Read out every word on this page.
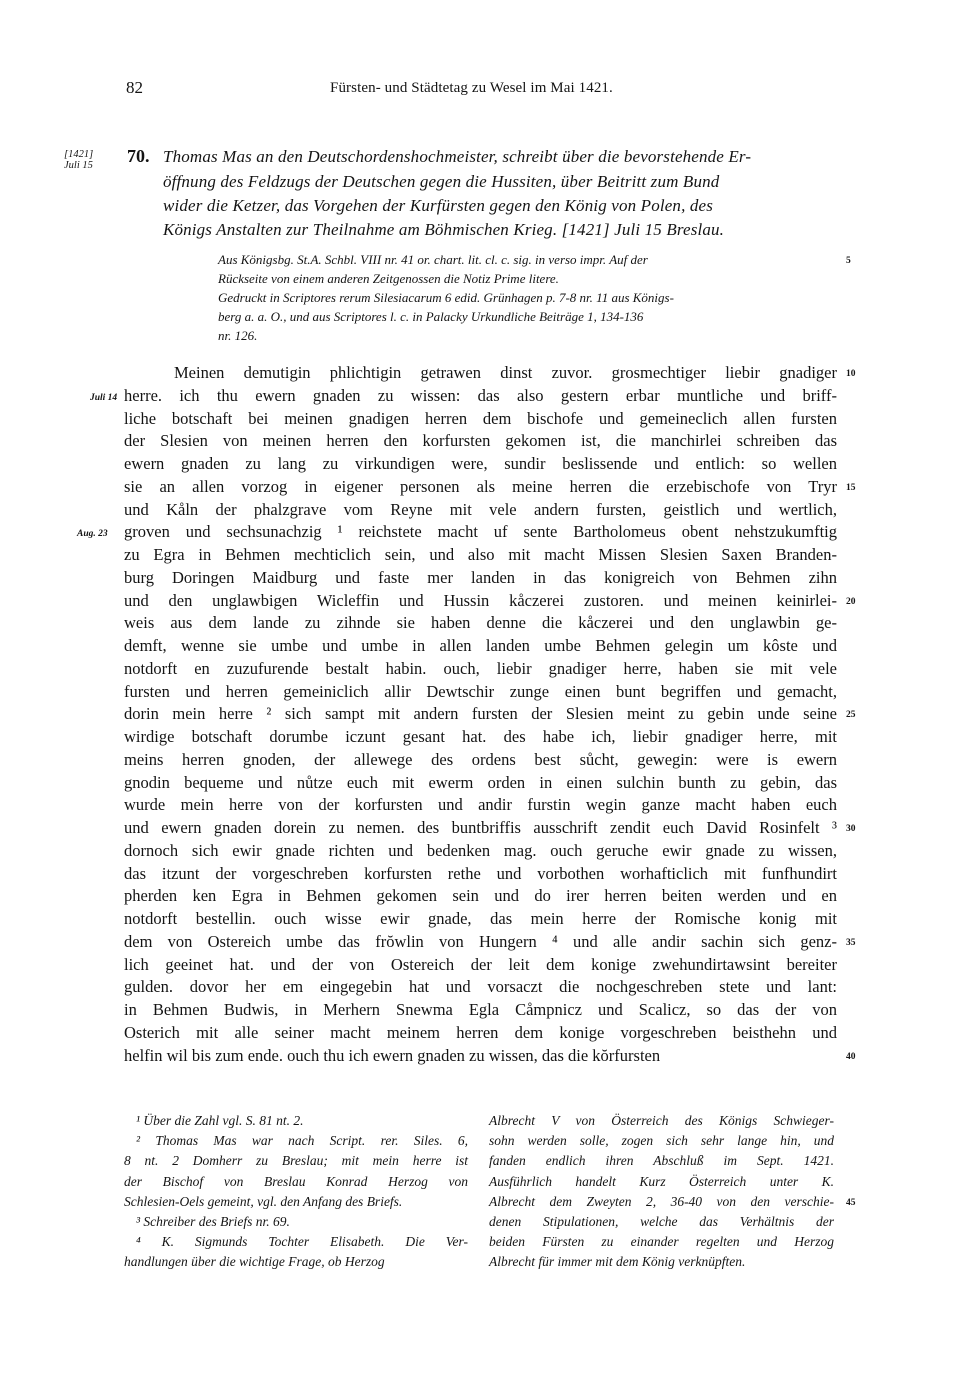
82	Fürsten- und Städtetag zu Wesel im Mai 1421.
[1421]
Juli 15 70. Thomas Mas an den Deutschordenshochmeister, schreibt über die bevorstehende Er-
öffnung des Feldzugs der Deutschen gegen die Hussiten, über Beitritt zum Bund
wider die Ketzer, das Vorgehen der Kurfürsten gegen den König von Polen, des
Königs Anstalten zur Theilnahme am Böhmischen Krieg. [1421] Juli 15 Breslau.
Aus Königsbg. St.A. Schbl. VIII nr. 41 or. chart. lit. cl. c. sig. in verso impr. Auf der
Rückseite von einem anderen Zeitgenossen die Notiz Prime litere.
Gedruckt in Scriptores rerum Silesiacarum 6 edid. Grünhagen p. 7-8 nr. 11 aus Königs-
berg a. a. O., und aus Scriptores l. c. in Palacky Urkundliche Beiträge 1, 134-136
nr. 126.
Meinen demutigin phlichtigin getrawen dinst zuvor. grosmechtiger liebir gnadiger
herre. ich thu ewern gnaden zu wissen: das also gestern erbar muntliche und briff-
liche botschaft bei meinen gnadigen herren dem bischofe und gemeineclich allen fursten
der Slesien von meinen herren den korfursten gekomen ist, die manchirlei schreiben das
ewern gnaden zu lang zu virkundigen were, sundir beslissende und entlich: so wellen
sie an allen vorzog in eigener personen als meine herren die erzebischofe von Tryr
und Kåln der phalzgrave vom Reyne mit vele andern fursten, geistlich und wertlich,
groven und sechsunachzig ¹ reichstete macht uf sente Bartholomeus obent nehstzukumftig
zu Egra in Behmen mechticlich sein, und also mit macht Missen Slesien Saxen Branden-
burg Doringen Maidburg und faste mer landen in das konigreich von Behmen zihn
und den unglawbigen Wicleffin und Hussin kåczerei zustoren. und meinen keinirlei-
weis aus dem lande zu zihnde sie haben denne die kåczerei und den unglawbin ge-
demft, wenne sie umbe und umbe in allen landen umbe Behmen gelegin um kôste und
notdorft en zuzufurende bestalt habin. ouch, liebir gnadiger herre, haben sie mit vele
fursten und herren gemeiniclich allir Dewtschir zunge einen bunt begriffen und gemacht,
dorin mein herre ² sich sampt mit andern fursten der Slesien meint zu gebin unde seine
wirdige botschaft dorumbe iczunt gesant hat. des habe ich, liebir gnadiger herre, mit
meins herren gnoden, der allewege des ordens best sůcht, gewegin: were is ewern
gnodin bequeme und nůtze euch mit ewerm orden in einen sulchin bunth zu gebin, das
wurde mein herre von der korfursten und andir furstin wegin ganze macht haben euch
und ewern gnaden dorein zu nemen. des buntbriffis ausschrift zendit euch David Rosinfelt ³
dornoch sich ewir gnade richten und bedenken mag. ouch geruche ewir gnade zu wissen,
das itzunt der vorgeschreben korfursten rethe und vorbothen worhafticlich mit funfhundirt
pherden ken Egra in Behmen gekomen sein und do irer herren beiten werden und en
notdorft bestellin. ouch wisse ewir gnade, das mein herre der Romische konig mit
dem von Ostereich umbe das frŏwlin von Hungern ⁴ und alle andir sachin sich genz-
lich geeinet hat. und der von Ostereich der leit dem konige zwehundirtawsint bereiter
gulden. dovor her em eingegebin hat und vorsaczt die nochgeschreben stete und lant:
in Behmen Budwis, in Merhern Snewma Egla Cåmpnicz und Scalicz, so das der von
Osterich mit alle seiner macht meinem herren dem konige vorgeschreben beisthehn und
helfin wil bis zum ende. ouch thu ich ewern gnaden zu wissen, das die kŏrfursten
Juli 14
Aug. 23
5
10
15
20
25
30
35
40
45
¹ Über die Zahl vgl. S. 81 nt. 2.
² Thomas Mas war nach Script. rer. Siles. 6,
8 nt. 2 Domherr zu Breslau; mit mein herre ist
der Bischof von Breslau Konrad Herzog von
Schlesien-Oels gemeint, vgl. den Anfang des Briefs.
³ Schreiber des Briefs nr. 69.
⁴ K. Sigmunds Tochter Elisabeth. Die Ver-
handlungen über die wichtige Frage, ob Herzog
Albrecht V von Österreich des Königs Schwieger-
sohn werden solle, zogen sich sehr lange hin, und
fanden endlich ihren Abschluß im Sept. 1421.
Ausführlich handelt Kurz Österreich unter K.
Albrecht dem Zweyten 2, 36-40 von den verschie-
denen Stipulationen, welche das Verhältnis der
beiden Fürsten zu einander regelten und Herzog
Albrecht für immer mit dem König verknüpften.
